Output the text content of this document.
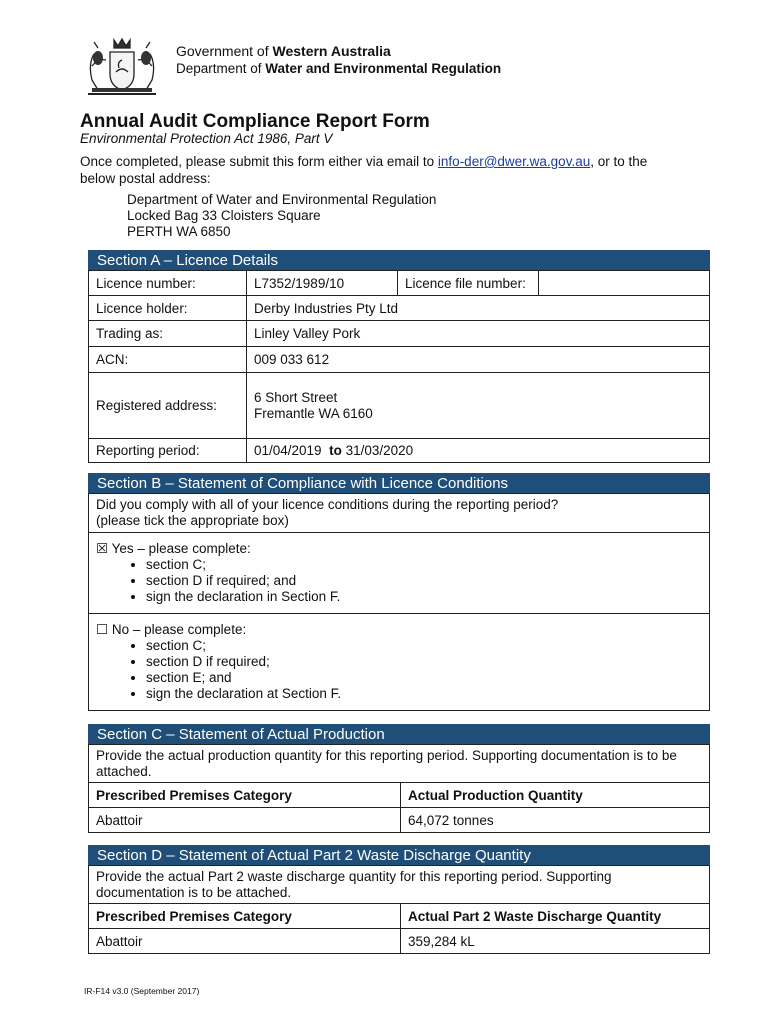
Government of Western Australia
Department of Water and Environmental Regulation
Annual Audit Compliance Report Form
Environmental Protection Act 1986, Part V
Once completed, please submit this form either via email to info-der@dwer.wa.gov.au, or to the below postal address:
Department of Water and Environmental Regulation
Locked Bag 33 Cloisters Square
PERTH WA 6850
Section A – Licence Details
Licence number:	L7352/1989/10	Licence file number:	
Licence holder:	Derby Industries Pty Ltd		
Trading as:	Linley Valley Pork		
ACN:	009 033 612		
Registered address:	6 Short Street
Fremantle WA 6160		

Reporting period:	01/04/2019 to 31/03/2020		
Section B – Statement of Compliance with Licence Conditions
Did you comply with all of your licence conditions during the reporting period?
(please tick the appropriate box)
☒ Yes – please complete:
• section C;
• section D if required; and
• sign the declaration in Section F.
☐ No – please complete:
• section C;
• section D if required;
• section E; and
• sign the declaration at Section F.
Section C – Statement of Actual Production
Provide the actual production quantity for this reporting period. Supporting documentation is to be attached.
Prescribed Premises Category	Actual Production Quantity
Abattoir	64,072 tonnes
Section D – Statement of Actual Part 2 Waste Discharge Quantity
Provide the actual Part 2 waste discharge quantity for this reporting period. Supporting documentation is to be attached.
Prescribed Premises Category	Actual Part 2 Waste Discharge Quantity
Abattoir	359,284 kL
IR-F14 v3.0 (September 2017)
